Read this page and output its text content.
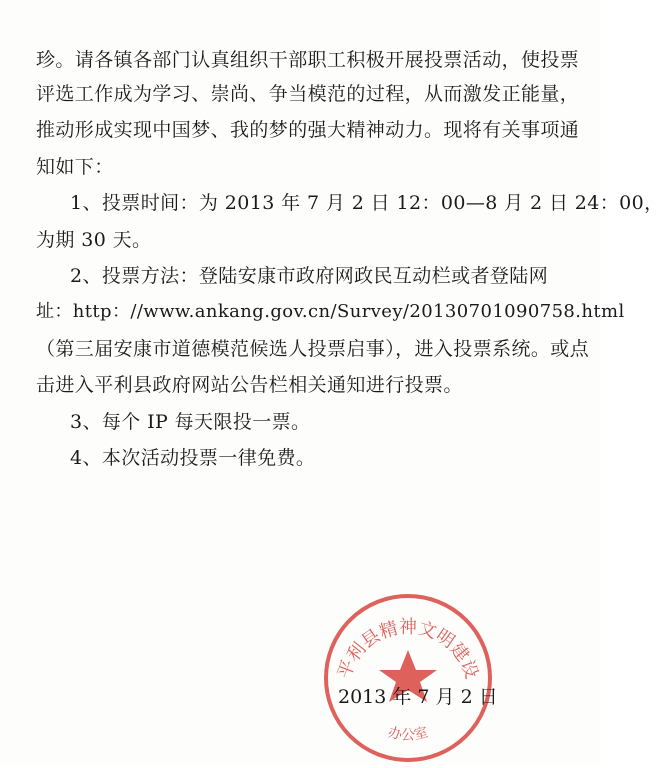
珍。请各镇各部门认真组织干部职工积极开展投票活动，使投票
评选工作成为学习、崇尚、争当模范的过程，从而激发正能量，
推动形成实现中国梦、我的梦的强大精神动力。现将有关事项通
知如下：
1、投票时间：为 2013 年 7 月 2 日 12：00—8 月 2 日 24：00，
为期 30 天。
2、投票方法：登陆安康市政府网政民互动栏或者登陆网
址：http：//www.ankang.gov.cn/Survey/20130701090758.html
（第三届安康市道德模范候选人投票启事），进入投票系统。或点
击进入平利县政府网站公告栏相关通知进行投票。
3、每个 IP 每天限投一票。
4、本次活动投票一律免费。
平利县精神文明建设
办公室
2013 年 7 月 2 日
